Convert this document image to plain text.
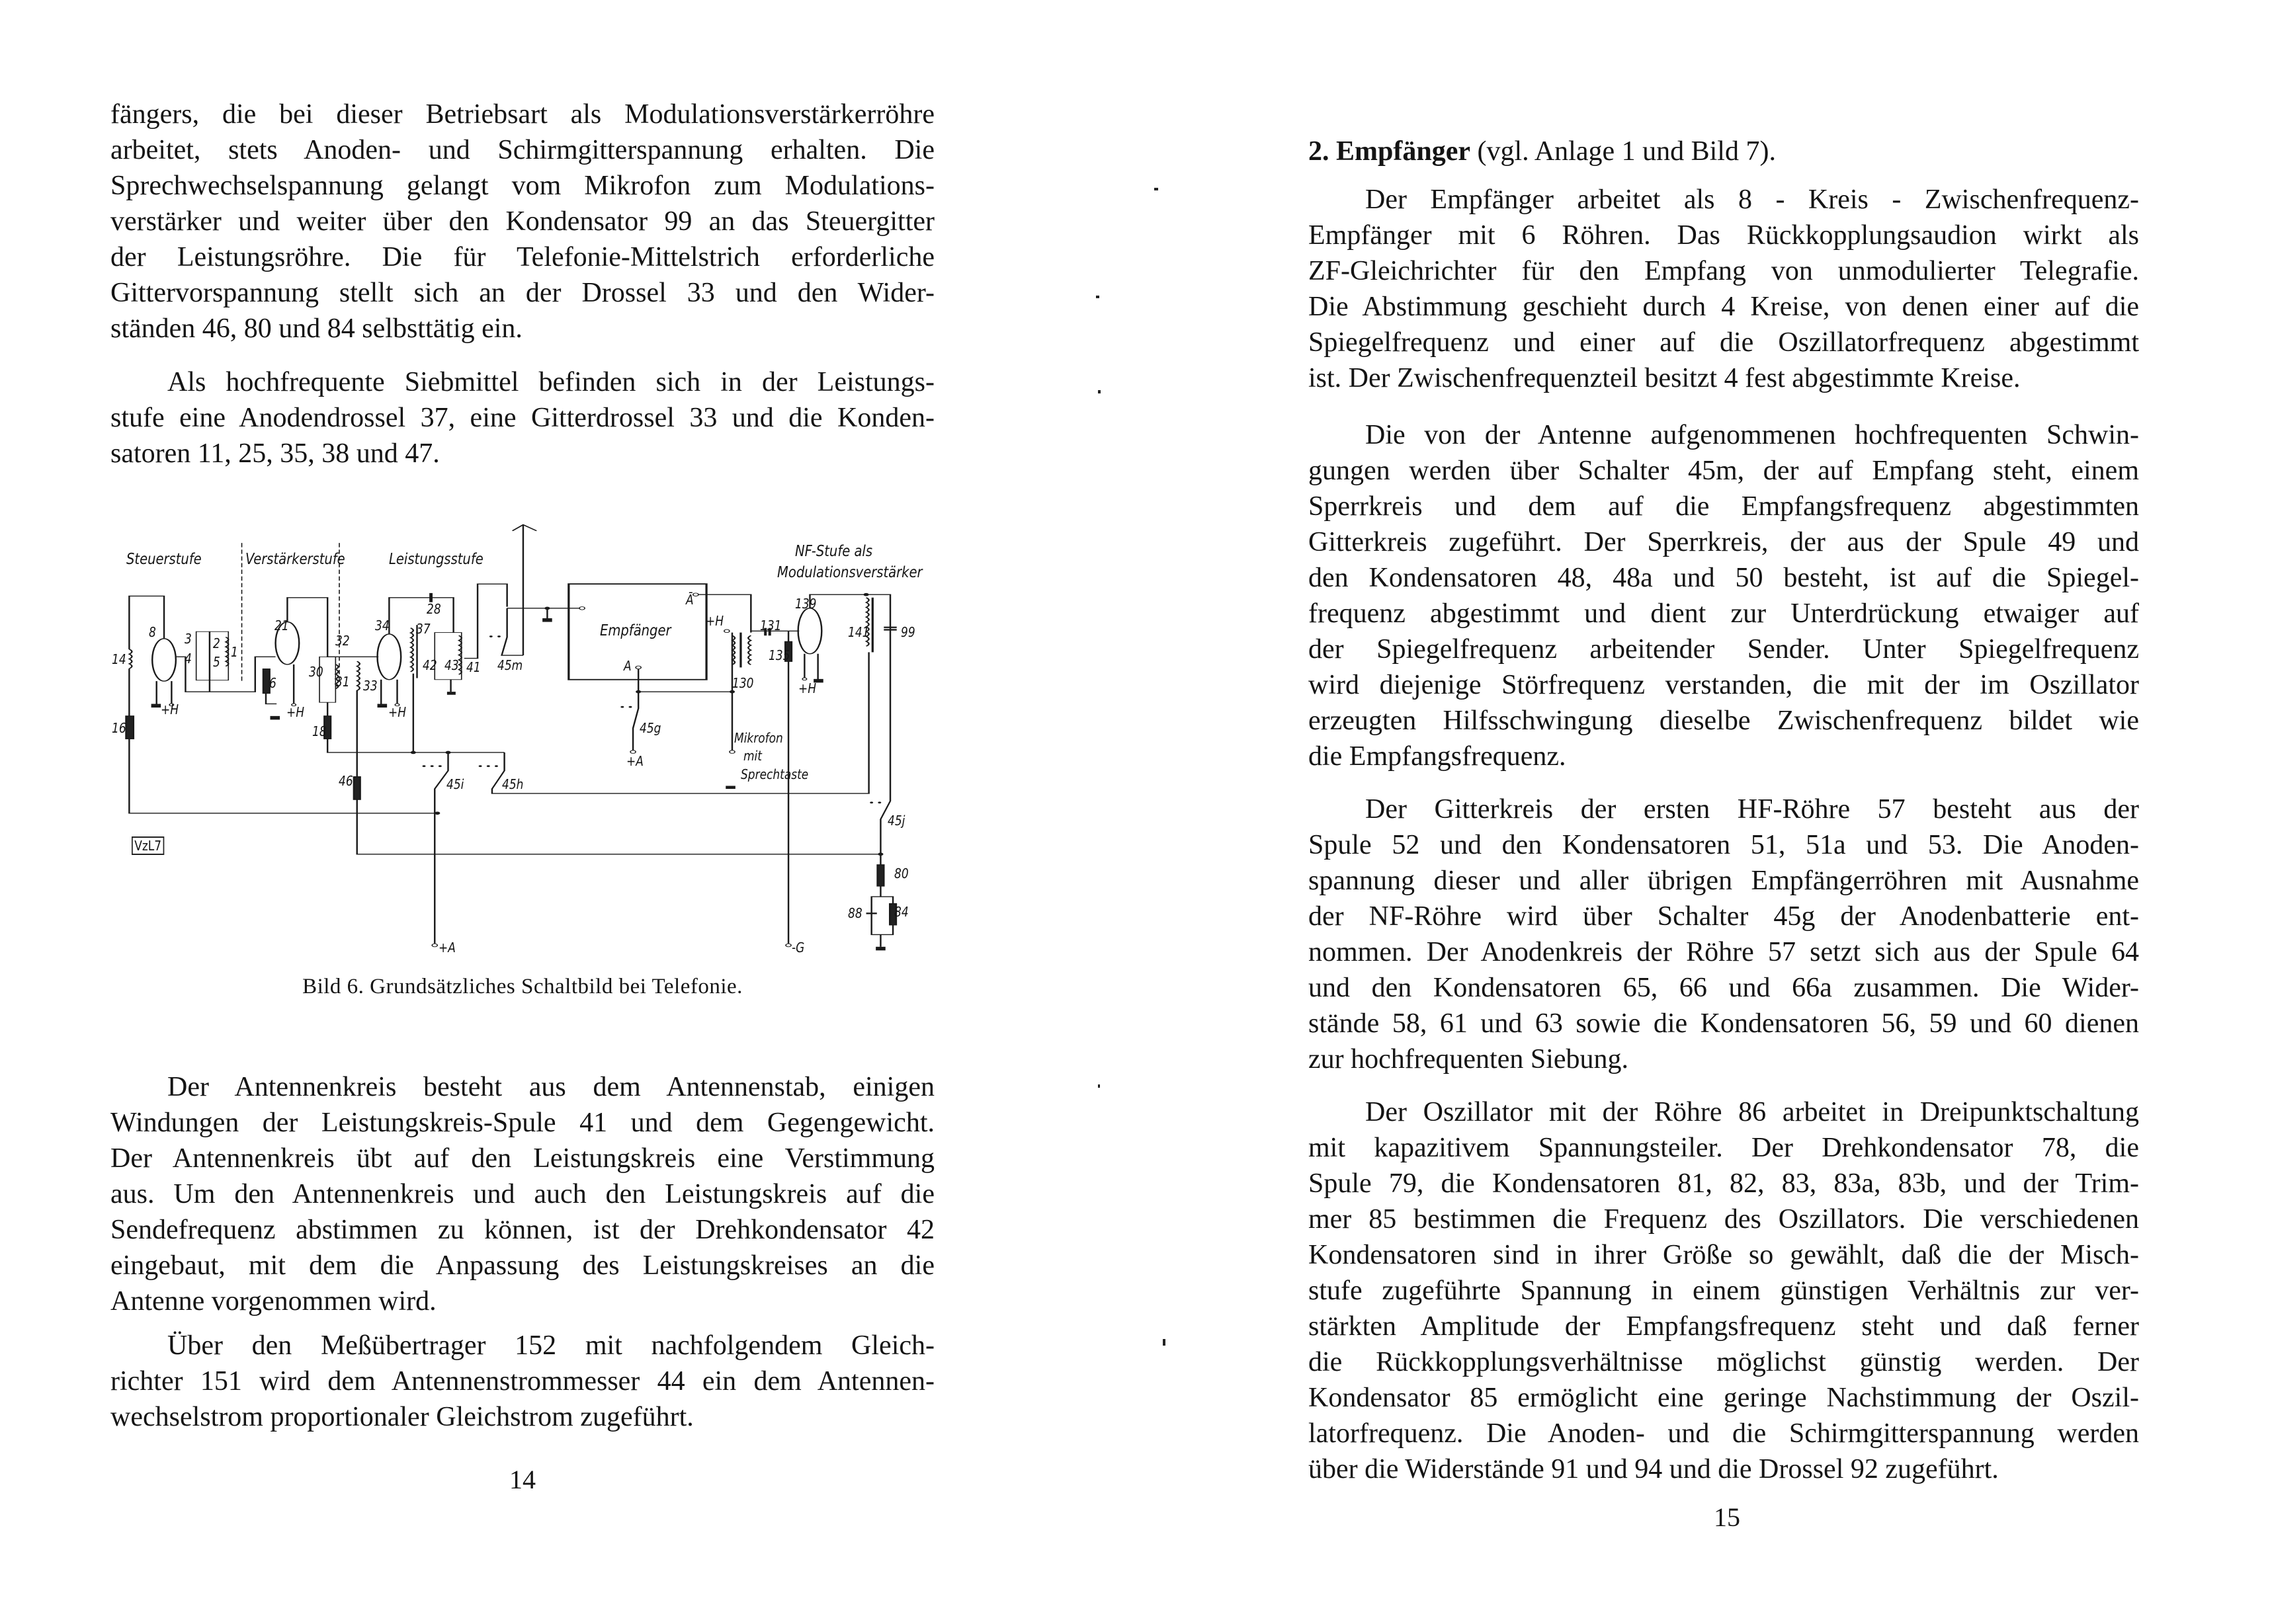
fängers, die bei dieser Betriebsart als Modulationsverstärkerröhre
arbeitet, stets Anoden- und Schirmgitterspannung erhalten. Die
Sprechwechselspannung gelangt vom Mikrofon zum Modulations-
verstärker und weiter über den Kondensator 99 an das Steuergitter
der Leistungsröhre. Die für Telefonie-Mittelstrich erforderliche
Gittervorspannung stellt sich an der Drossel 33 und den Wider-
ständen 46, 80 und 84 selbsttätig ein.
Als hochfrequente Siebmittel befinden sich in der Leistungs-
stufe eine Anodendrossel 37, eine Gitterdrossel 33 und die Konden-
satoren 11, 25, 35, 38 und 47.
Steuerstufe	Verstärkerstufe	Leistungsstufe	NF-Stufe als
Modulationsverstärker
Empfänger
Mikrofon
mit
Sprechtaste
VzL7
8	21	34
139
3
4
2
5
1
14
16
6
30
31
32
33
18
46
37
42 43 41
28
45m
45g
45i	45h
45j
130
131
135
141 99
80
84
88
+H	+H	+H
+H
+H
+A
+A	-G
A
Ā
Bild 6. Grundsätzliches Schaltbild bei Telefonie.
Der Antennenkreis besteht aus dem Antennenstab, einigen
Windungen der Leistungskreis-Spule 41 und dem Gegengewicht.
Der Antennenkreis übt auf den Leistungskreis eine Verstimmung
aus. Um den Antennenkreis und auch den Leistungskreis auf die
Sendefrequenz abstimmen zu können, ist der Drehkondensator 42
eingebaut, mit dem die Anpassung des Leistungskreises an die
Antenne vorgenommen wird.
Über den Meßübertrager 152 mit nachfolgendem Gleich-
richter 151 wird dem Antennenstrommesser 44 ein dem Antennen-
wechselstrom proportionaler Gleichstrom zugeführt.
14
2. Empfänger (vgl. Anlage 1 und Bild 7).
Der Empfänger arbeitet als 8 - Kreis - Zwischenfrequenz-
Empfänger mit 6 Röhren. Das Rückkopplungsaudion wirkt als
ZF-Gleichrichter für den Empfang von unmodulierter Telegrafie.
Die Abstimmung geschieht durch 4 Kreise, von denen einer auf die
Spiegelfrequenz und einer auf die Oszillatorfrequenz abgestimmt
ist. Der Zwischenfrequenzteil besitzt 4 fest abgestimmte Kreise.
Die von der Antenne aufgenommenen hochfrequenten Schwin-
gungen werden über Schalter 45m, der auf Empfang steht, einem
Sperrkreis und dem auf die Empfangsfrequenz abgestimmten
Gitterkreis zugeführt. Der Sperrkreis, der aus der Spule 49 und
den Kondensatoren 48, 48a und 50 besteht, ist auf die Spiegel-
frequenz abgestimmt und dient zur Unterdrückung etwaiger auf
der Spiegelfrequenz arbeitender Sender. Unter Spiegelfrequenz
wird diejenige Störfrequenz verstanden, die mit der im Oszillator
erzeugten Hilfsschwingung dieselbe Zwischenfrequenz bildet wie
die Empfangsfrequenz.
Der Gitterkreis der ersten HF-Röhre 57 besteht aus der
Spule 52 und den Kondensatoren 51, 51a und 53. Die Anoden-
spannung dieser und aller übrigen Empfängerröhren mit Ausnahme
der NF-Röhre wird über Schalter 45g der Anodenbatterie ent-
nommen. Der Anodenkreis der Röhre 57 setzt sich aus der Spule 64
und den Kondensatoren 65, 66 und 66a zusammen. Die Wider-
stände 58, 61 und 63 sowie die Kondensatoren 56, 59 und 60 dienen
zur hochfrequenten Siebung.
Der Oszillator mit der Röhre 86 arbeitet in Dreipunktschaltung
mit kapazitivem Spannungsteiler. Der Drehkondensator 78, die
Spule 79, die Kondensatoren 81, 82, 83, 83a, 83b, und der Trim-
mer 85 bestimmen die Frequenz des Oszillators. Die verschiedenen
Kondensatoren sind in ihrer Größe so gewählt, daß die der Misch-
stufe zugeführte Spannung in einem günstigen Verhältnis zur ver-
stärkten Amplitude der Empfangsfrequenz steht und daß ferner
die Rückkopplungsverhältnisse möglichst günstig werden. Der
Kondensator 85 ermöglicht eine geringe Nachstimmung der Oszil-
latorfrequenz. Die Anoden- und die Schirmgitterspannung werden
über die Widerstände 91 und 94 und die Drossel 92 zugeführt.
15
